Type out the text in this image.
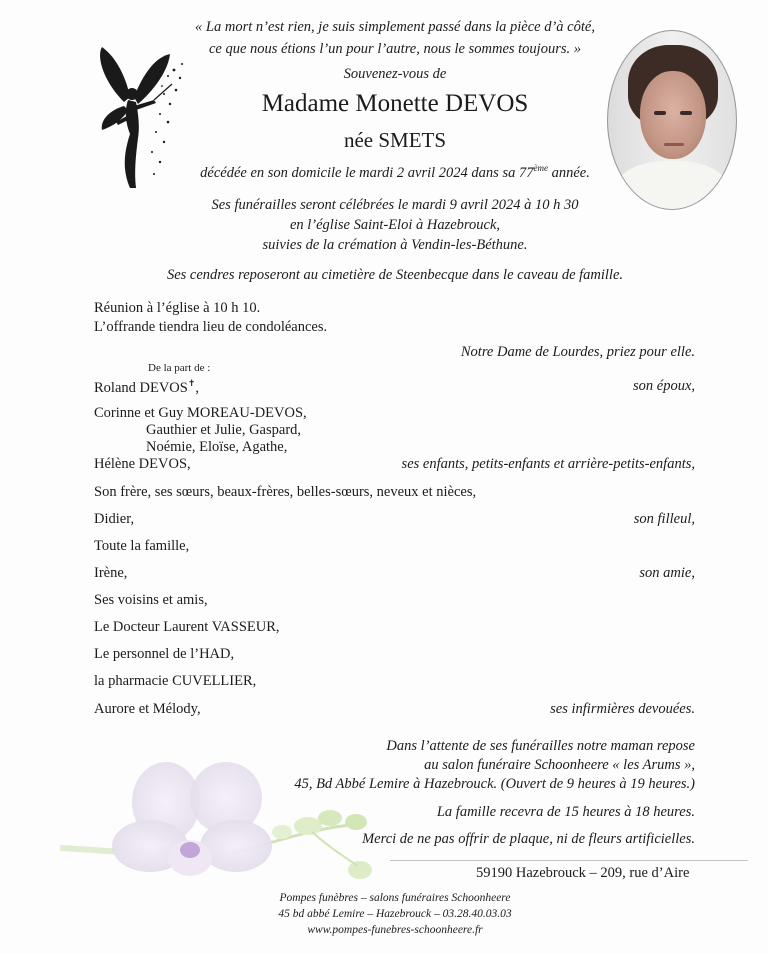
« La mort n’est rien, je suis simplement passé dans la pièce d’à côté,
ce que nous étions l’un pour l’autre, nous le sommes toujours. »
Souvenez-vous de
Madame Monette DEVOS
née SMETS
décédée en son domicile le mardi 2 avril 2024 dans sa 77ème année.
Ses funérailles seront célébrées le mardi 9 avril 2024 à 10 h 30
en l’église Saint-Eloi à Hazebrouck,
suivies de la crémation à Vendin-les-Béthune.
Ses cendres reposeront au cimetière de Steenbecque dans le caveau de famille.
Réunion à l’église à 10 h 10.
L’offrande tiendra lieu de condoléances.
Notre Dame de Lourdes, priez pour elle.
De la part de :
Roland DEVOS✝,	son époux,
Corinne et Guy MOREAU-DEVOS,
Gauthier et Julie, Gaspard,
Noémie, Eloïse, Agathe,
Hélène DEVOS,	ses enfants, petits-enfants et arrière-petits-enfants,
Son frère, ses sœurs, beaux-frères, belles-sœurs, neveux et nièces,
Didier,	son filleul,
Toute la famille,
Irène,	son amie,
Ses voisins et amis,
Le Docteur Laurent VASSEUR,
Le personnel de l’HAD,
la pharmacie CUVELLIER,
Aurore et Mélody,	ses infirmières devouées.
Dans l’attente de ses funérailles notre maman repose
au salon funéraire Schoonheere « les Arums »,
45, Bd Abbé Lemire à Hazebrouck. (Ouvert de 9 heures à 19 heures.)
La famille recevra de 15 heures à 18 heures.
Merci de ne pas offrir de plaque, ni de fleurs artificielles.
59190 Hazebrouck – 209, rue d’Aire
Pompes funèbres – salons funéraires Schoonheere
45 bd abbé Lemire – Hazebrouck – 03.28.40.03.03
www.pompes-funebres-schoonheere.fr
